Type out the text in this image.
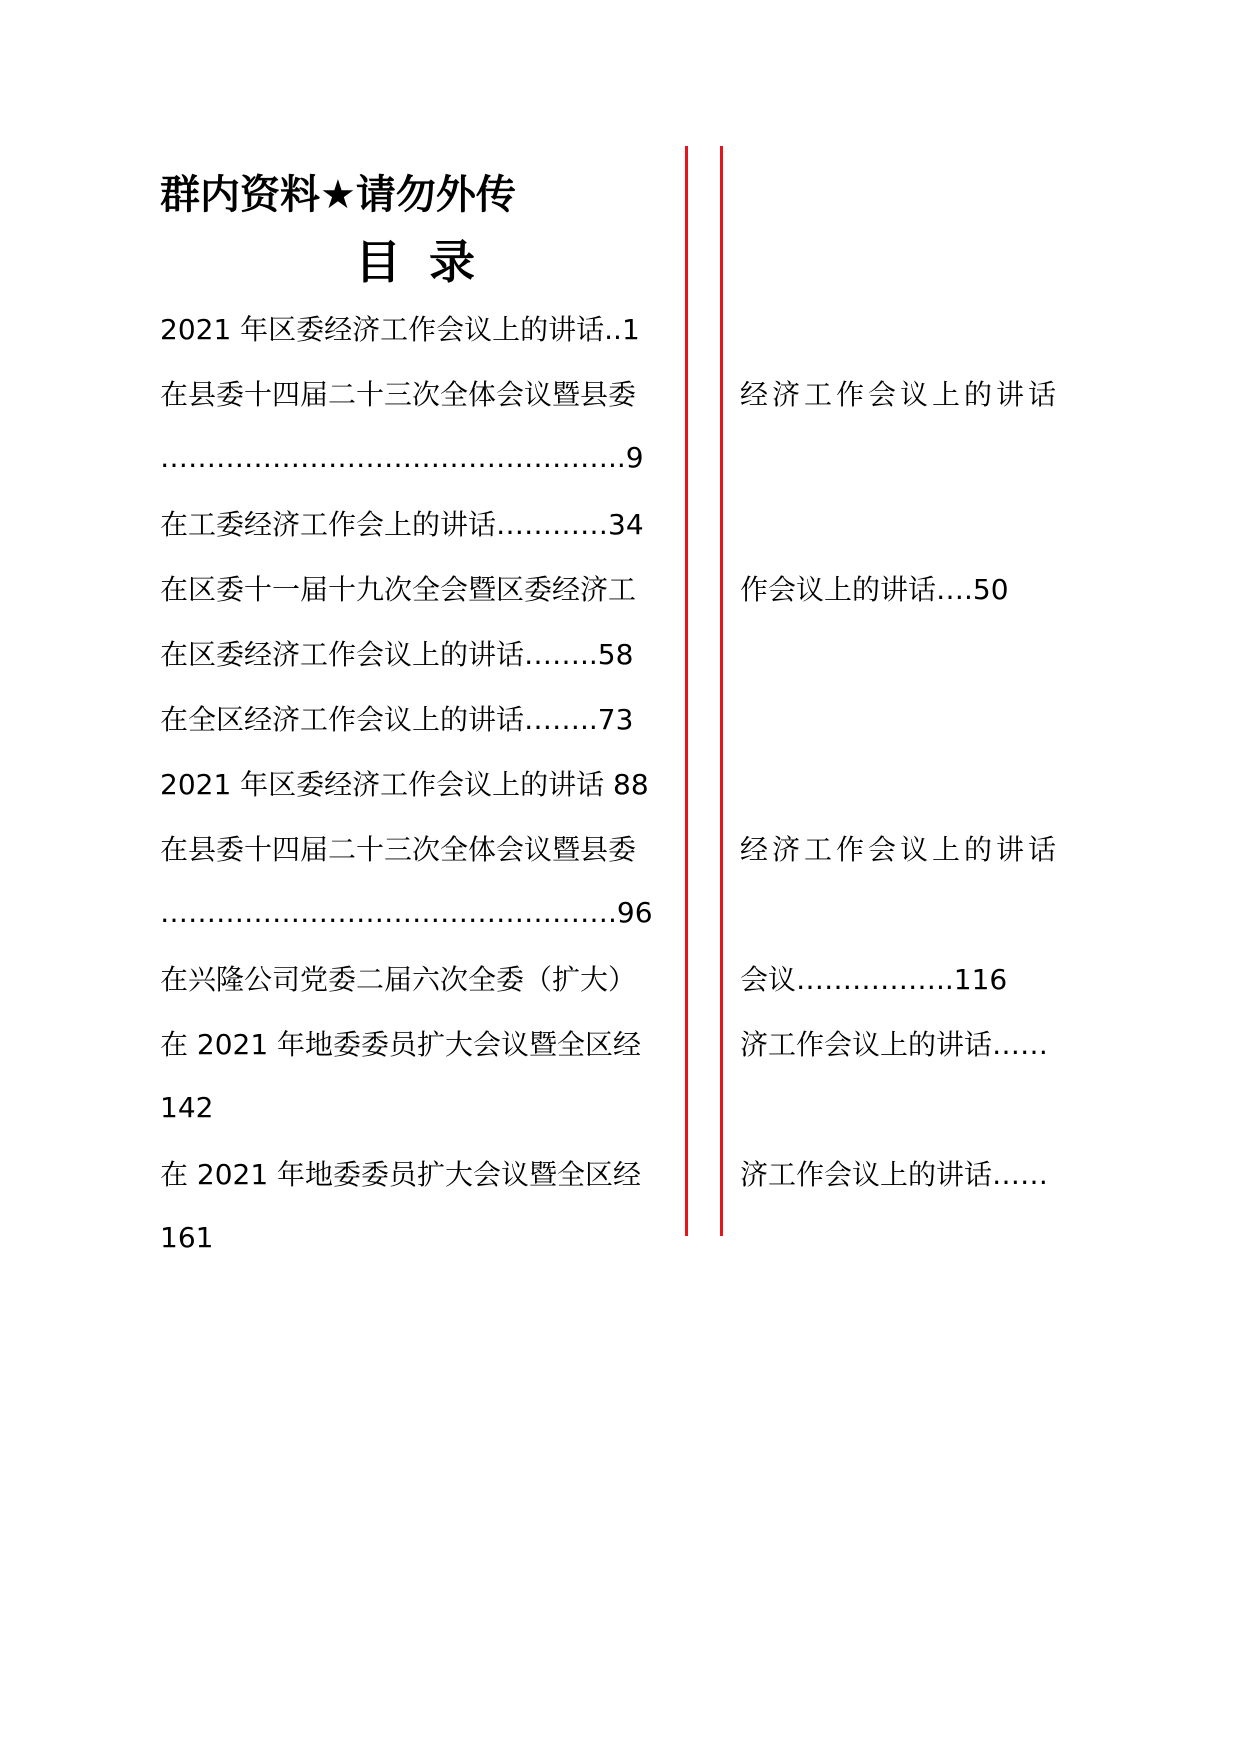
群内资料★请勿外传
目录
2021 年区委经济工作会议上的讲话..1
在县委十四届二十三次全体会议暨县委
…………………………………………..9
在工委经济工作会上的讲话…………34
在区委十一届十九次全会暨区委经济工
在区委经济工作会议上的讲话……..58
在全区经济工作会议上的讲话……..73
2021 年区委经济工作会议上的讲话 88
在县委十四届二十三次全体会议暨县委
………………………………………….96
在兴隆公司党委二届六次全委（扩大）
在 2021 年地委委员扩大会议暨全区经
142
在 2021 年地委委员扩大会议暨全区经
161
经济工作会议上的讲话
作会议上的讲话….50
经济工作会议上的讲话
会议……………..116
济工作会议上的讲话……
济工作会议上的讲话……
